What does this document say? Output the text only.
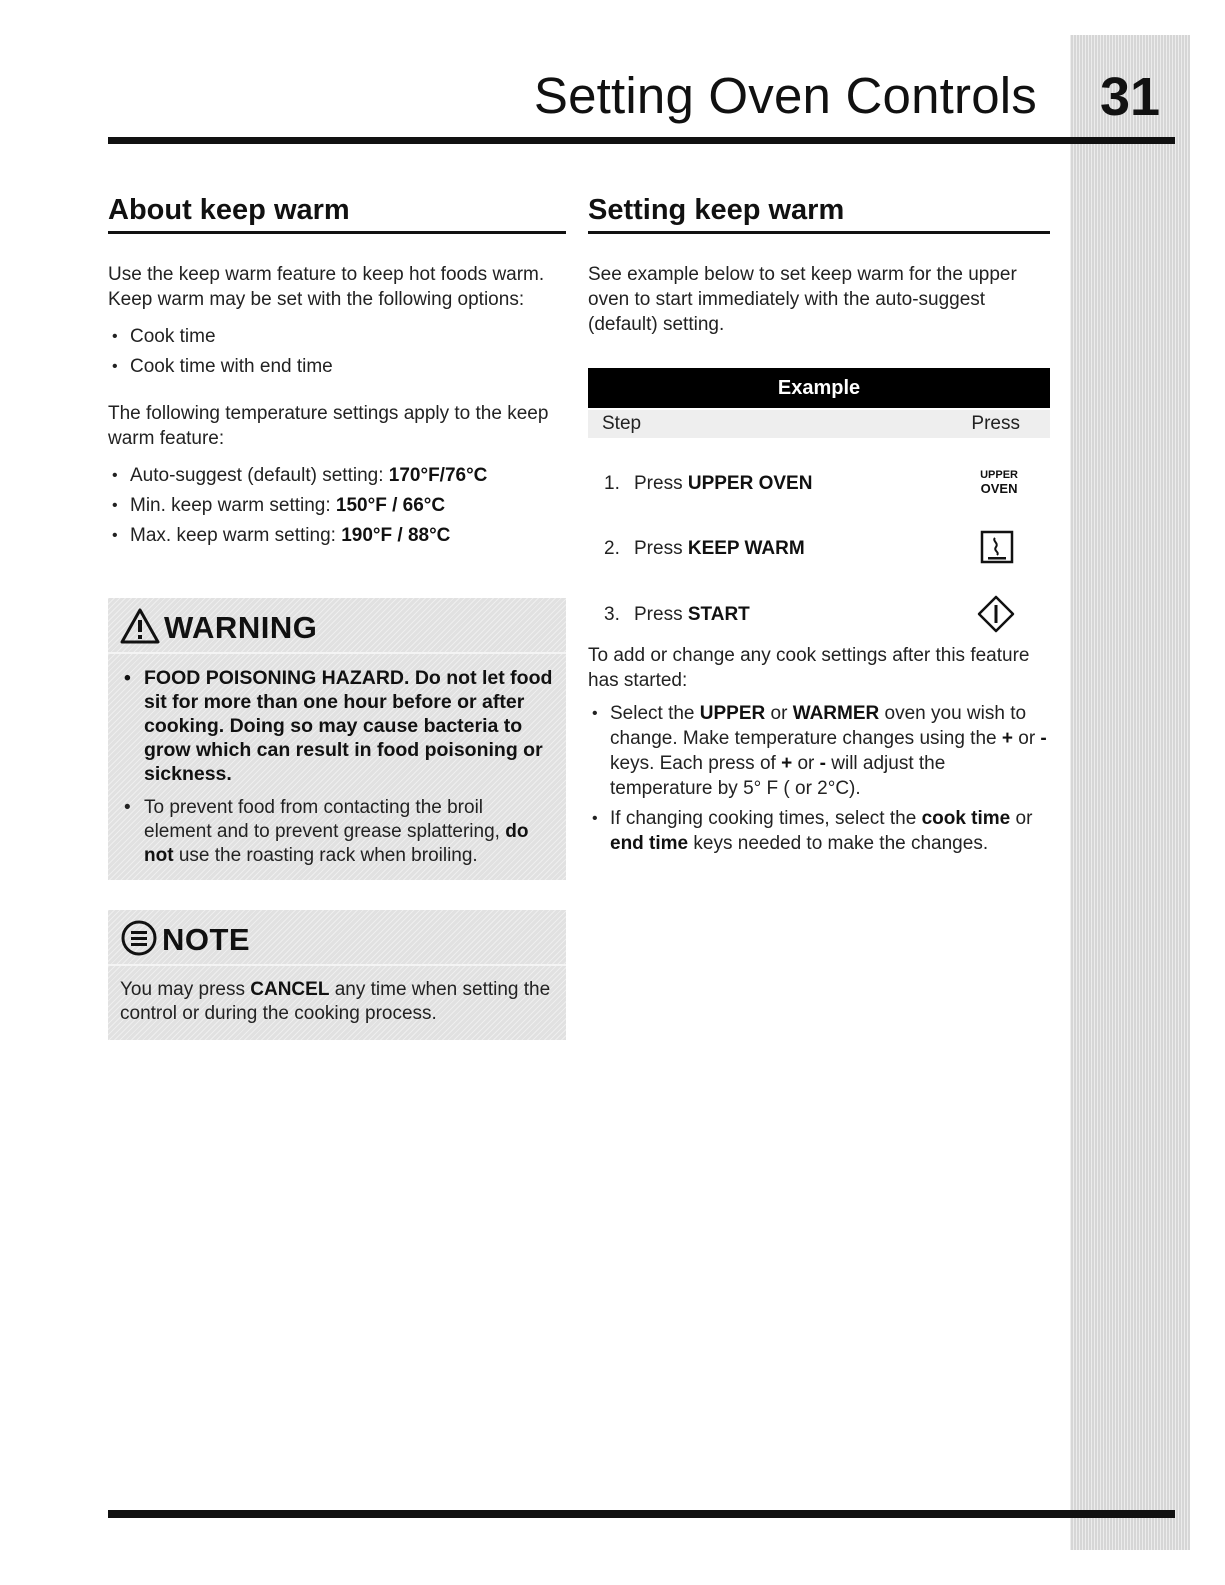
Setting Oven Controls	31
About keep warm

Use the keep warm feature to keep hot foods warm. Keep warm may be set with the following options:

• Cook time
• Cook time with end time

The following temperature settings apply to the keep warm feature:

• Auto-suggest (default) setting: 170°F/76°C
• Min. keep warm setting: 150°F / 66°C
• Max. keep warm setting: 190°F / 88°C
WARNING
• FOOD POISONING HAZARD. Do not let food sit for more than one hour before or after cooking. Doing so may cause bacteria to grow which can result in food poisoning or sickness.
• To prevent food from contacting the broil element and to prevent grease splattering, do not use the roasting rack when broiling.
NOTE

You may press CANCEL any time when setting the control or during the cooking process.

Setting keep warm

See example below to set keep warm for the upper oven to start immediately with the auto-suggest (default) setting.

Example
Step	Press
1. Press UPPER OVEN	UPPER
OVEN
2. Press KEEP WARM
3. Press START

To add or change any cook settings after this feature has started:

• Select the UPPER or WARMER oven you wish to change. Make temperature changes using the + or - keys. Each press of + or - will adjust the temperature by 5° F ( or 2°C).
• If changing cooking times, select the cook time or end time keys needed to make the changes.
